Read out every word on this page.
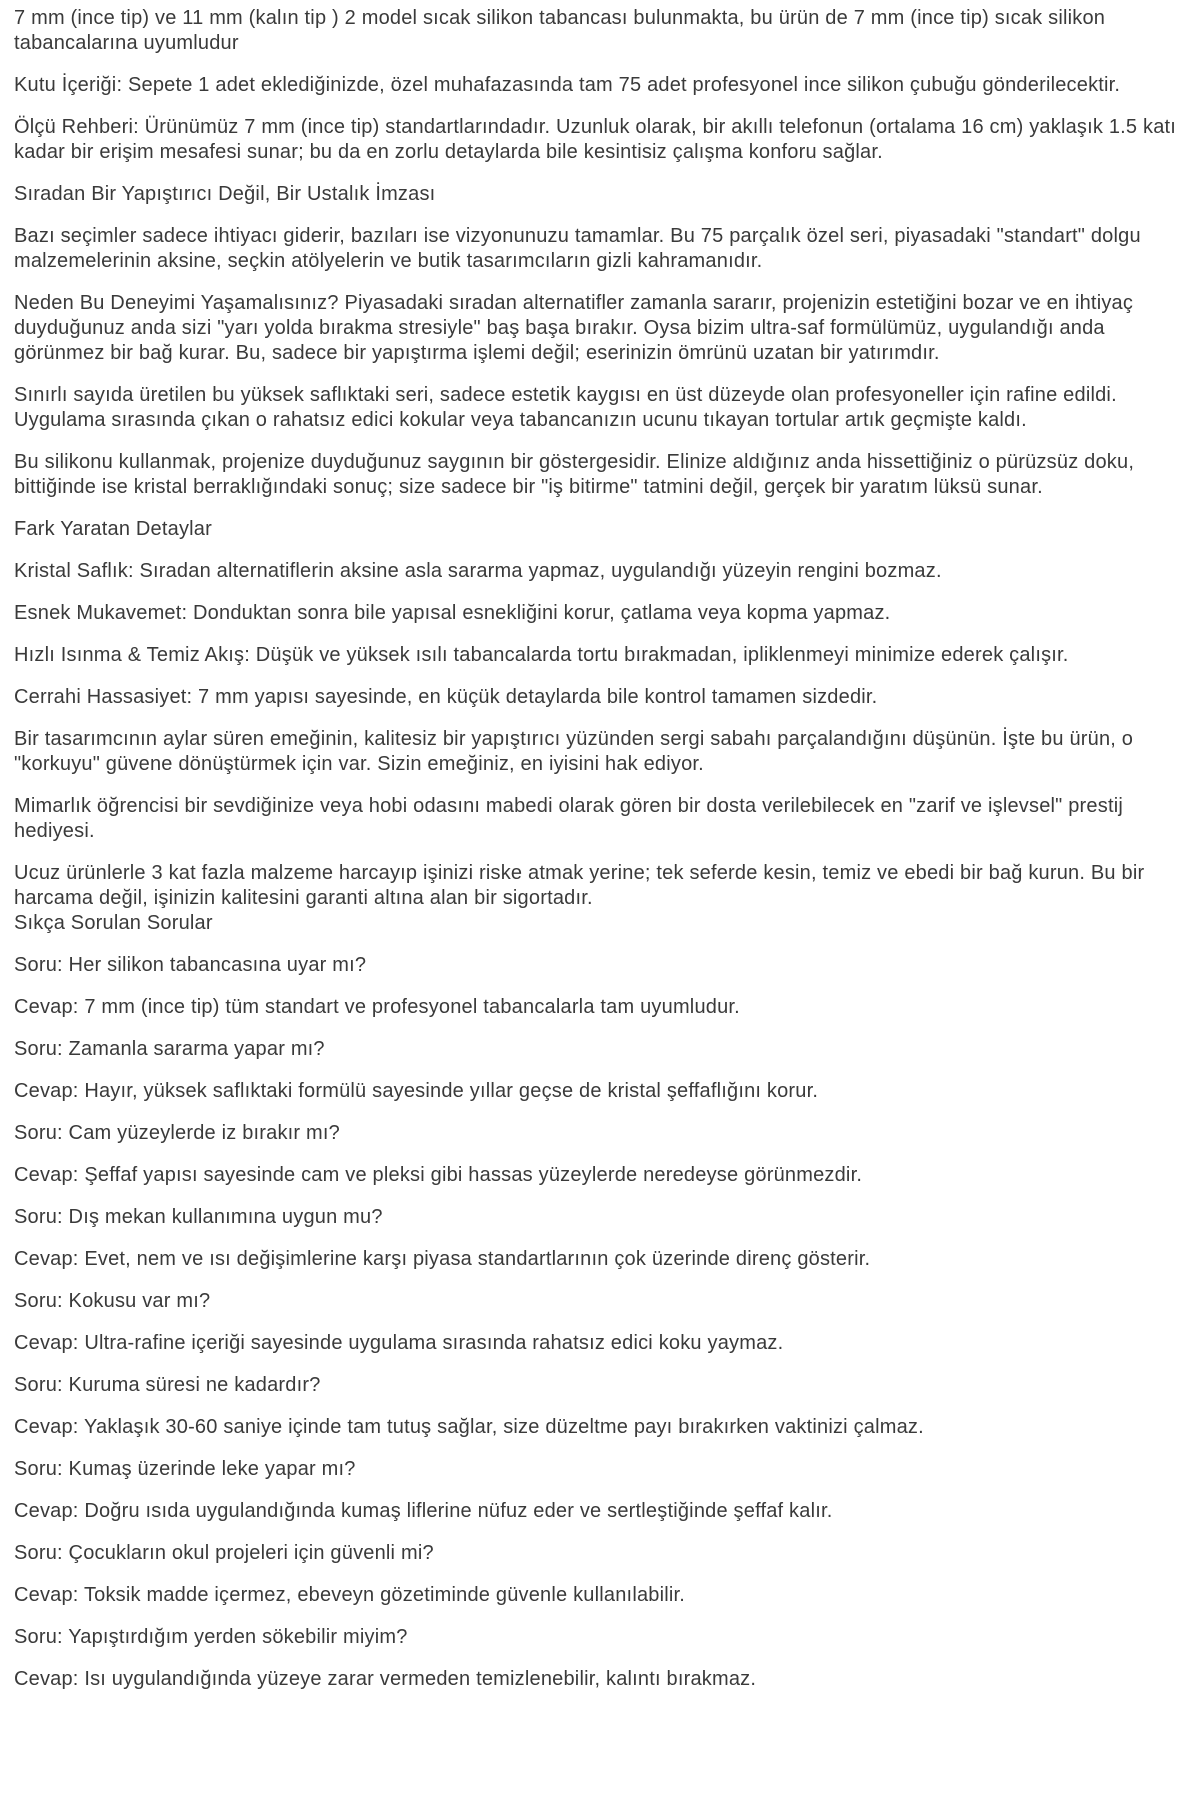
7 mm (ince tip) ve 11 mm (kalın tip ) 2 model sıcak silikon tabancası bulunmakta, bu ürün de 7 mm (ince tip) sıcak silikon tabancalarına uyumludur

Kutu İçeriği: Sepete 1 adet eklediğinizde, özel muhafazasında tam 75 adet profesyonel ince silikon çubuğu gönderilecektir.

Ölçü Rehberi: Ürünümüz 7 mm (ince tip) standartlarındadır. Uzunluk olarak, bir akıllı telefonun (ortalama 16 cm) yaklaşık 1.5 katı kadar bir erişim mesafesi sunar; bu da en zorlu detaylarda bile kesintisiz çalışma konforu sağlar.

Sıradan Bir Yapıştırıcı Değil, Bir Ustalık İmzası

Bazı seçimler sadece ihtiyacı giderir, bazıları ise vizyonunuzu tamamlar. Bu 75 parçalık özel seri, piyasadaki "standart" dolgu malzemelerinin aksine, seçkin atölyelerin ve butik tasarımcıların gizli kahramanıdır.

Neden Bu Deneyimi Yaşamalısınız? Piyasadaki sıradan alternatifler zamanla sararır, projenizin estetiğini bozar ve en ihtiyaç duyduğunuz anda sizi "yarı yolda bırakma stresiyle" baş başa bırakır. Oysa bizim ultra-saf formülümüz, uygulandığı anda görünmez bir bağ kurar. Bu, sadece bir yapıştırma işlemi değil; eserinizin ömrünü uzatan bir yatırımdır.

Sınırlı sayıda üretilen bu yüksek saflıktaki seri, sadece estetik kaygısı en üst düzeyde olan profesyoneller için rafine edildi. Uygulama sırasında çıkan o rahatsız edici kokular veya tabancanızın ucunu tıkayan tortular artık geçmişte kaldı.

Bu silikonu kullanmak, projenize duyduğunuz saygının bir göstergesidir. Elinize aldığınız anda hissettiğiniz o pürüzsüz doku, bittiğinde ise kristal berraklığındaki sonuç; size sadece bir "iş bitirme" tatmini değil, gerçek bir yaratım lüksü sunar.

Fark Yaratan Detaylar

Kristal Saflık: Sıradan alternatiflerin aksine asla sararma yapmaz, uygulandığı yüzeyin rengini bozmaz.

Esnek Mukavemet: Donduktan sonra bile yapısal esnekliğini korur, çatlama veya kopma yapmaz.

Hızlı Isınma & Temiz Akış: Düşük ve yüksek ısılı tabancalarda tortu bırakmadan, ipliklenmeyi minimize ederek çalışır.

Cerrahi Hassasiyet: 7 mm yapısı sayesinde, en küçük detaylarda bile kontrol tamamen sizdedir.

Bir tasarımcının aylar süren emeğinin, kalitesiz bir yapıştırıcı yüzünden sergi sabahı parçalandığını düşünün. İşte bu ürün, o "korkuyu" güvene dönüştürmek için var. Sizin emeğiniz, en iyisini hak ediyor.

Mimarlık öğrencisi bir sevdiğinize veya hobi odasını mabedi olarak gören bir dosta verilebilecek en "zarif ve işlevsel" prestij hediyesi.

Ucuz ürünlerle 3 kat fazla malzeme harcayıp işinizi riske atmak yerine; tek seferde kesin, temiz ve ebedi bir bağ kurun. Bu bir harcama değil, işinizin kalitesini garanti altına alan bir sigortadır.

Sıkça Sorulan Sorular

Soru: Her silikon tabancasına uyar mı?

Cevap: 7 mm (ince tip) tüm standart ve profesyonel tabancalarla tam uyumludur.

Soru: Zamanla sararma yapar mı?

Cevap: Hayır, yüksek saflıktaki formülü sayesinde yıllar geçse de kristal şeffaflığını korur.

Soru: Cam yüzeylerde iz bırakır mı?

Cevap: Şeffaf yapısı sayesinde cam ve pleksi gibi hassas yüzeylerde neredeyse görünmezdir.

Soru: Dış mekan kullanımına uygun mu?

Cevap: Evet, nem ve ısı değişimlerine karşı piyasa standartlarının çok üzerinde direnç gösterir.

Soru: Kokusu var mı?

Cevap: Ultra-rafine içeriği sayesinde uygulama sırasında rahatsız edici koku yaymaz.

Soru: Kuruma süresi ne kadardır?

Cevap: Yaklaşık 30-60 saniye içinde tam tutuş sağlar, size düzeltme payı bırakırken vaktinizi çalmaz.

Soru: Kumaş üzerinde leke yapar mı?

Cevap: Doğru ısıda uygulandığında kumaş liflerine nüfuz eder ve sertleştiğinde şeffaf kalır.

Soru: Çocukların okul projeleri için güvenli mi?

Cevap: Toksik madde içermez, ebeveyn gözetiminde güvenle kullanılabilir.

Soru: Yapıştırdığım yerden sökebilir miyim?

Cevap: Isı uygulandığında yüzeye zarar vermeden temizlenebilir, kalıntı bırakmaz.
